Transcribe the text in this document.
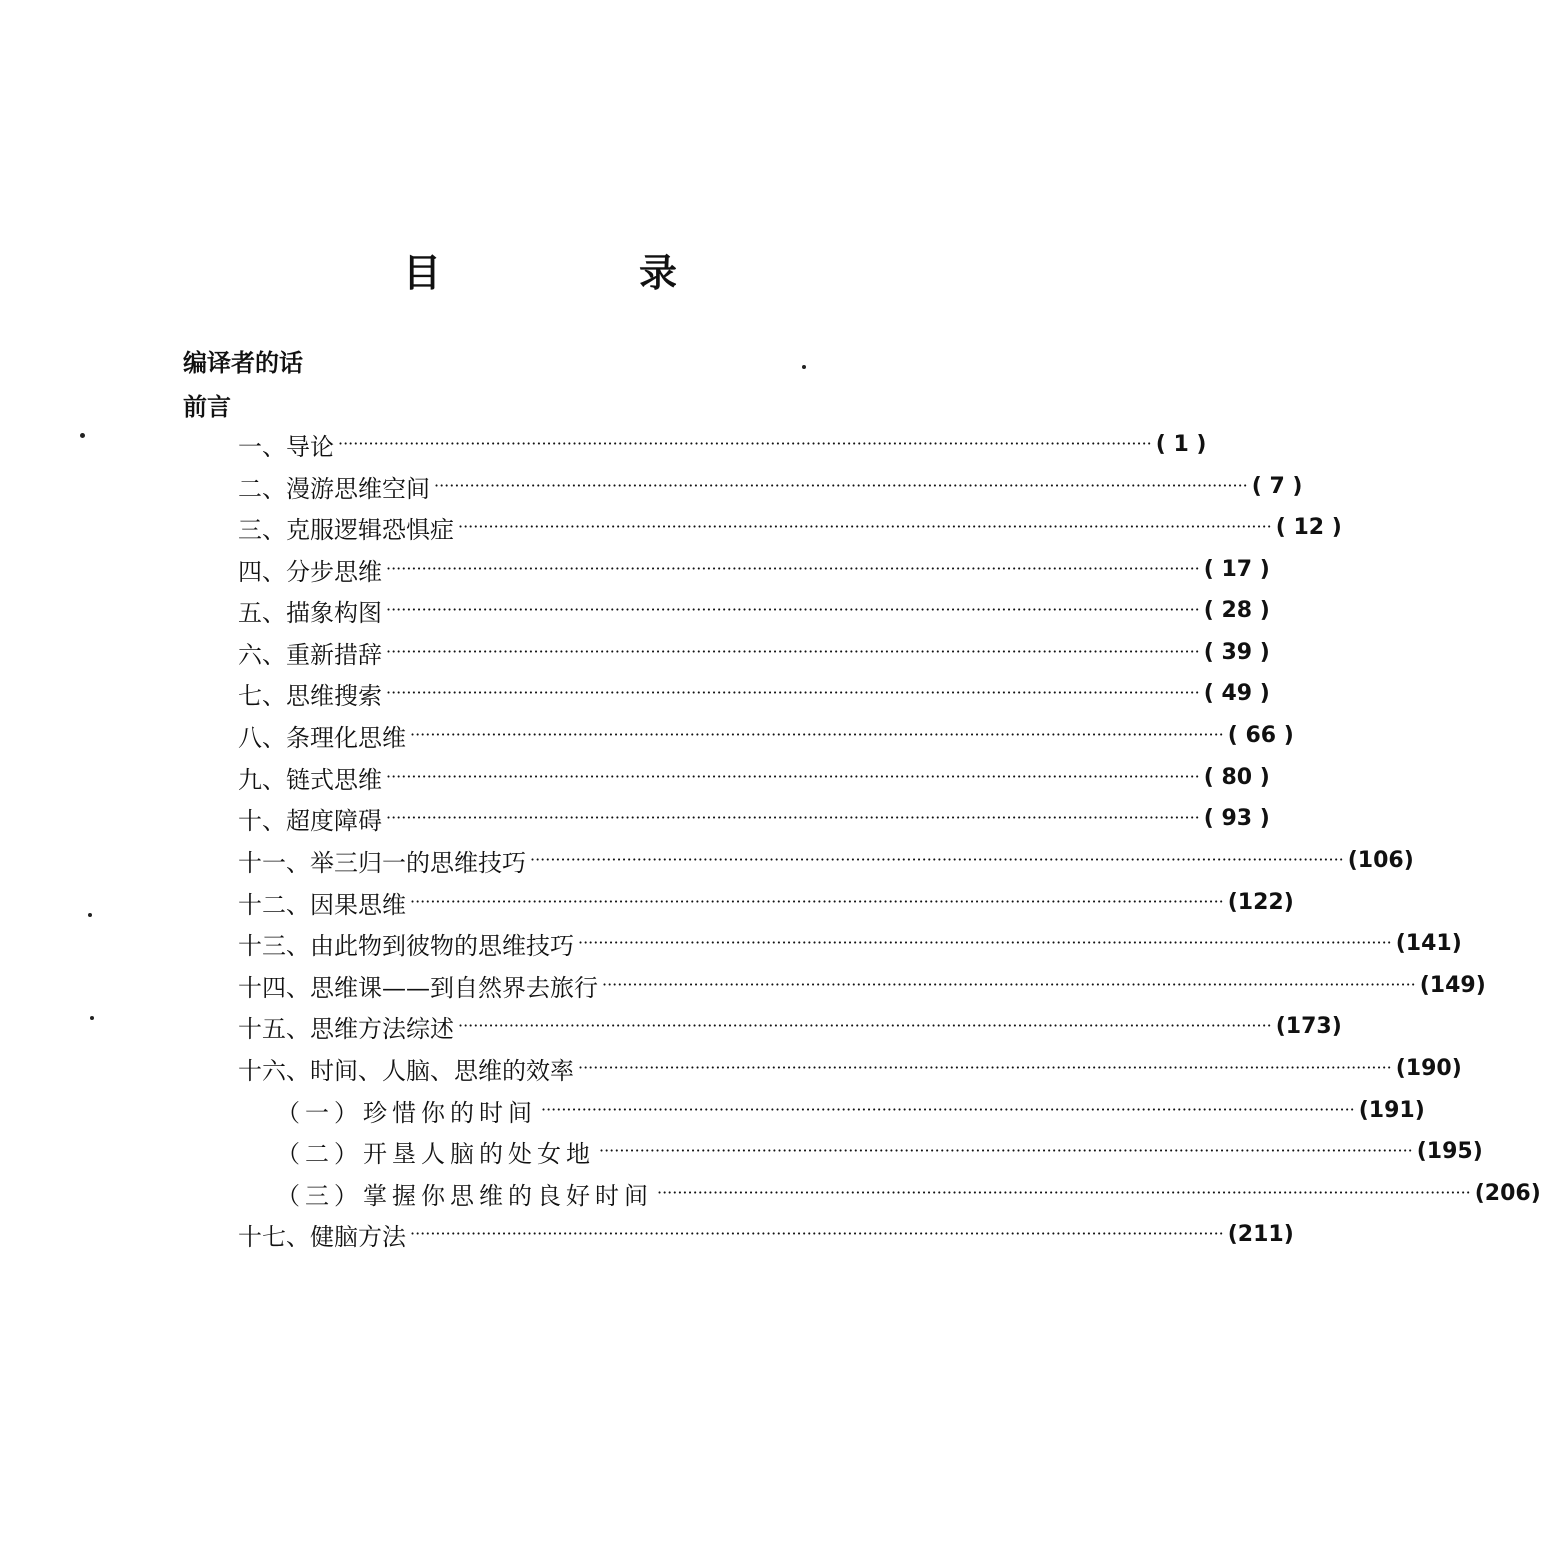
目　录
编译者的话
前言
一、导论 ································································································································································ ( 1 )
二、漫游思维空间 ································································································································································ ( 7 )
三、克服逻辑恐惧症 ································································································································································ ( 12 )
四、分步思维 ································································································································································ ( 17 )
五、描象构图 ································································································································································ ( 28 )
六、重新措辞 ································································································································································ ( 39 )
七、思维搜索 ································································································································································ ( 49 )
八、条理化思维 ································································································································································ ( 66 )
九、链式思维 ································································································································································ ( 80 )
十、超度障碍 ································································································································································ ( 93 )
十一、举三归一的思维技巧 ································································································································································ (106)
十二、因果思维 ································································································································································ (122)
十三、由此物到彼物的思维技巧 ································································································································································ (141)
十四、思维课——到自然界去旅行 ································································································································································ (149)
十五、思维方法综述 ································································································································································ (173)
十六、时间、人脑、思维的效率 ································································································································································ (190)
（一）珍惜你的时间 ································································································································································ (191)
（二）开垦人脑的处女地 ································································································································································ (195)
（三）掌握你思维的良好时间 ································································································································································ (206)
十七、健脑方法 ································································································································································ (211)
